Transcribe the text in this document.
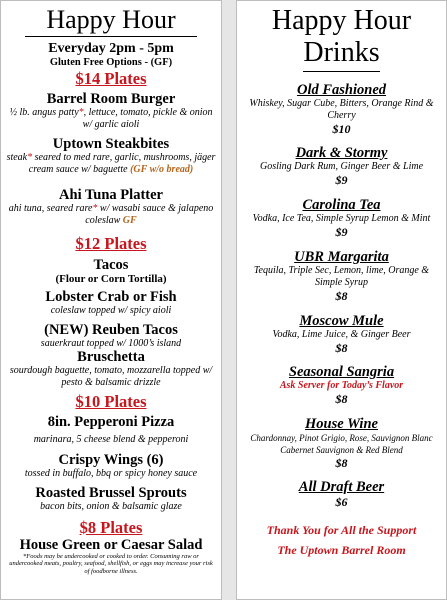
Happy Hour
Everyday 2pm - 5pm
Gluten Free Options - (GF)
$14 Plates
Barrel Room Burger
½ lb. angus patty*, lettuce, tomato, pickle & onion w/ garlic aioli
Uptown Steakbites
steak* seared to med rare, garlic, mushrooms, jäger cream sauce w/ baguette (GF w/o bread)
Ahi Tuna Platter
ahi tuna, seared rare* w/ wasabi sauce & jalapeno coleslaw GF
$12 Plates
Tacos
(Flour or Corn Tortilla)
Lobster Crab or Fish
coleslaw topped w/ spicy aioli
(NEW) Reuben Tacos
sauerkraut topped w/ 1000’s island
Bruschetta
sourdough baguette, tomato, mozzarella topped w/ pesto & balsamic drizzle
$10 Plates
8in. Pepperoni Pizza
marinara, 5 cheese blend & pepperoni
Crispy Wings (6)
tossed in buffalo, bbq or spicy honey sauce
Roasted Brussel Sprouts
bacon bits, onion & balsamic glaze
$8 Plates
House Green or Caesar Salad
*Foods may be undercooked or cooked to order. Consuming raw or undercooked meats, poultry, seafood, shellfish, or eggs may increase your risk of foodborne illness.
Happy Hour
Drinks
Old Fashioned
Whiskey, Sugar Cube, Bitters, Orange Rind & Cherry
$10
Dark & Stormy
Gosling Dark Rum, Ginger Beer & Lime
$9
Carolina Tea
Vodka, Ice Tea, Simple Syrup Lemon & Mint
$9
UBR Margarita
Tequila, Triple Sec, Lemon, lime, Orange & Simple Syrup
$8
Moscow Mule
Vodka, Lime Juice, & Ginger Beer
$8
Seasonal Sangria
Ask Server for Today’s Flavor
$8
House Wine
Chardonnay, Pinot Grigio, Rose, Sauvignon Blanc
Cabernet Sauvignon & Red Blend
$8
All Draft Beer
$6
Thank You for All the Support
The Uptown Barrel Room
